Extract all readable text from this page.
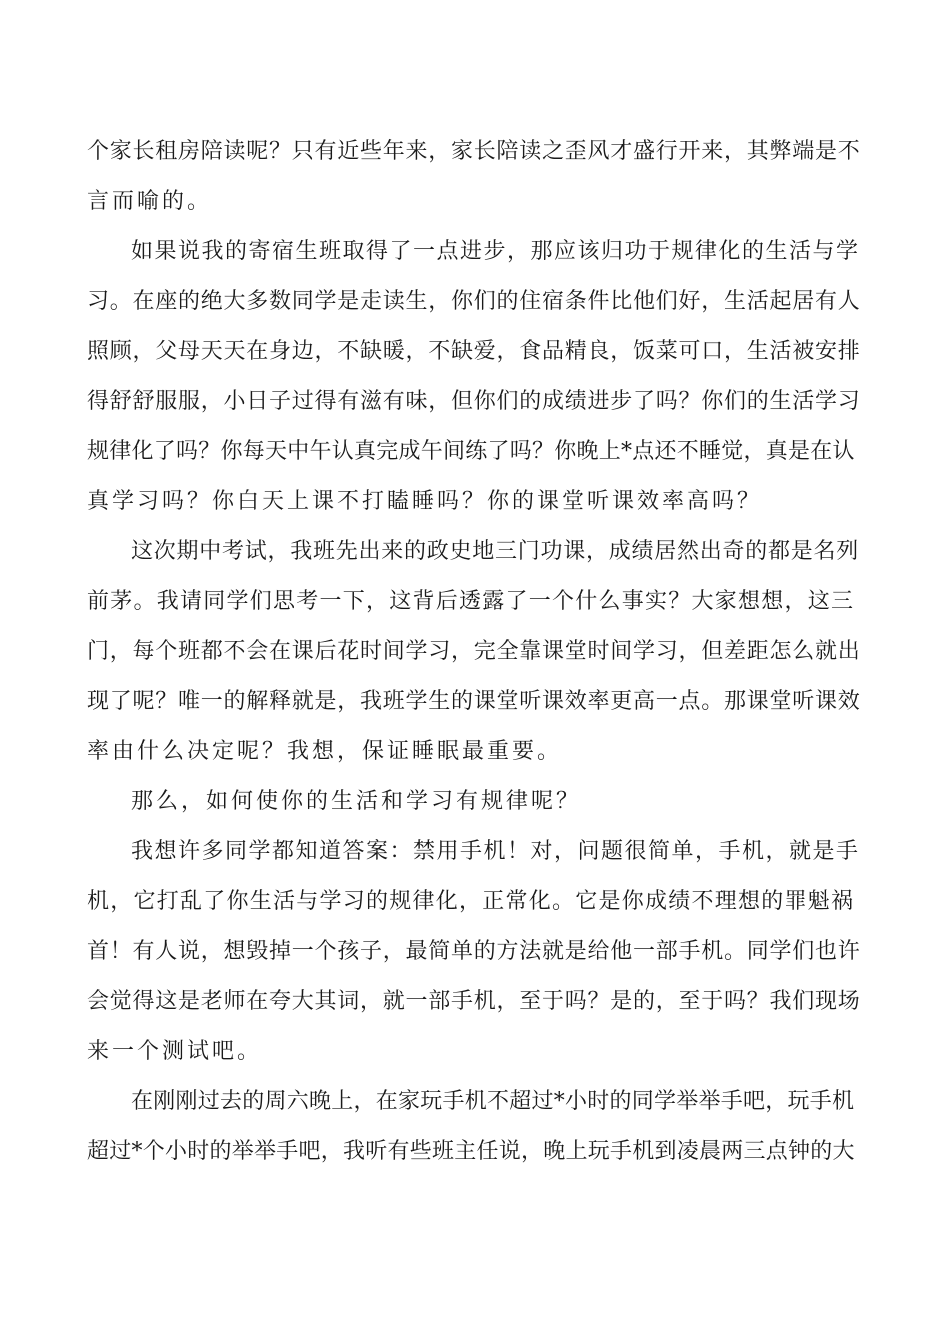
个家长租房陪读呢？只有近些年来，家长陪读之歪风才盛行开来，其弊端是不
言而喻的。
如果说我的寄宿生班取得了一点进步，那应该归功于规律化的生活与学
习。在座的绝大多数同学是走读生，你们的住宿条件比他们好，生活起居有人
照顾，父母天天在身边，不缺暖，不缺爱，食品精良，饭菜可口，生活被安排
得舒舒服服，小日子过得有滋有味，但你们的成绩进步了吗？你们的生活学习
规律化了吗？你每天中午认真完成午间练了吗？你晚上*点还不睡觉，真是在认
真学习吗？你白天上课不打瞌睡吗？你的课堂听课效率高吗？
这次期中考试，我班先出来的政史地三门功课，成绩居然出奇的都是名列
前茅。我请同学们思考一下，这背后透露了一个什么事实？大家想想，这三
门，每个班都不会在课后花时间学习，完全靠课堂时间学习，但差距怎么就出
现了呢？唯一的解释就是，我班学生的课堂听课效率更高一点。那课堂听课效
率由什么决定呢？我想，保证睡眠最重要。
那么，如何使你的生活和学习有规律呢？
我想许多同学都知道答案：禁用手机！对，问题很简单，手机，就是手
机，它打乱了你生活与学习的规律化，正常化。它是你成绩不理想的罪魁祸
首！有人说，想毁掉一个孩子，最简单的方法就是给他一部手机。同学们也许
会觉得这是老师在夸大其词，就一部手机，至于吗？是的，至于吗？我们现场
来一个测试吧。
在刚刚过去的周六晚上，在家玩手机不超过*小时的同学举举手吧，玩手机
超过*个小时的举举手吧，我听有些班主任说，晚上玩手机到凌晨两三点钟的大
